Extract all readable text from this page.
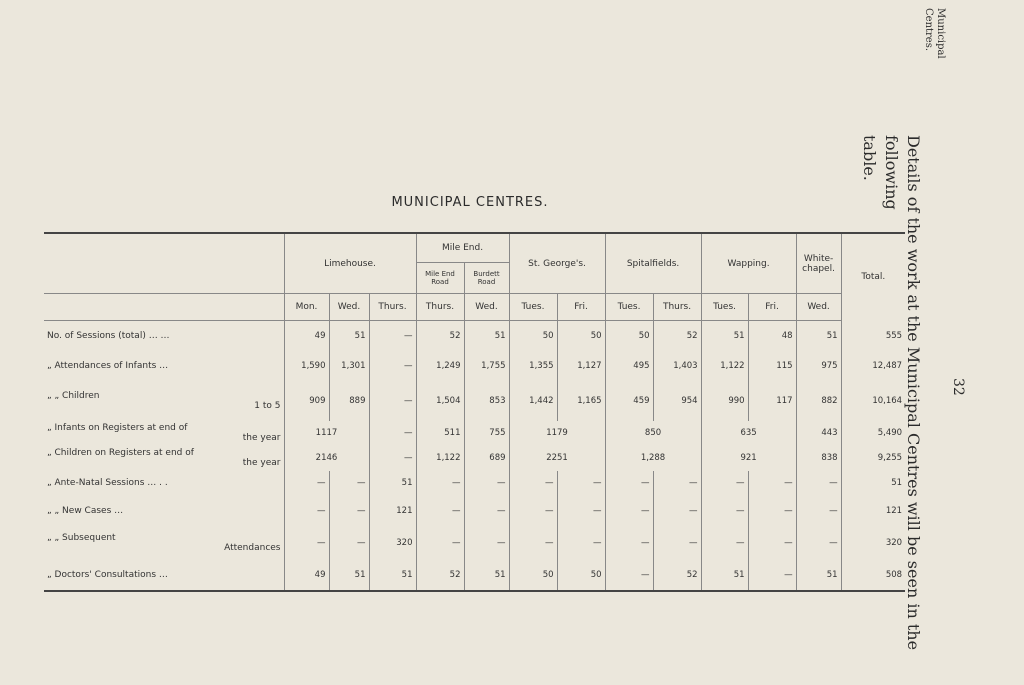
Municipal
Centres.
32
Details of the work at the Municipal Centres will be seen in the following
table.
MUNICIPAL CENTRES.
	Limehouse.			Mile End.		St. George's.		Spitalfields.		Wapping.		White- chapel.	Total.
				Mile End Road	Burdett Road								
	Mon.	Wed.	Thurs.	Thurs.	Wed.	Tues.	Fri.	Tues.	Thurs.	Tues.	Fri.	Wed.	
No. of Sessions (total) … …	49	51	—	52	51	50	50	50	52	51	48	51	555
„ Attendances of Infants …	1,590	1,301	—	1,249	1,755	1,355	1,127	495	1,403	1,122	115	975	12,487
„ „ Children
1 to 5	909	889	—	1,504	853	1,442	1,165	459	954	990	117	882	10,164
„ Infants on Registers at end of
the year	1117		—	511	755	1179		850		635		443	5,490
„ Children on Registers at end of
the year	2146		—	1,122	689	2251		1,288		921		838	9,255
„ Ante-Natal Sessions … . .	—	—	51	—	—	—	—	—	—	—	—	—	51
„ „ New Cases …	—	—	121	—	—	—	—	—	—	—	—	—	121
„ „ Subsequent
Attendances	—	—	320	—	—	—	—	—	—	—	—	—	320
„ Doctors' Consultations …	49	51	51	52	51	50	50	—	52	51	—	51	508
